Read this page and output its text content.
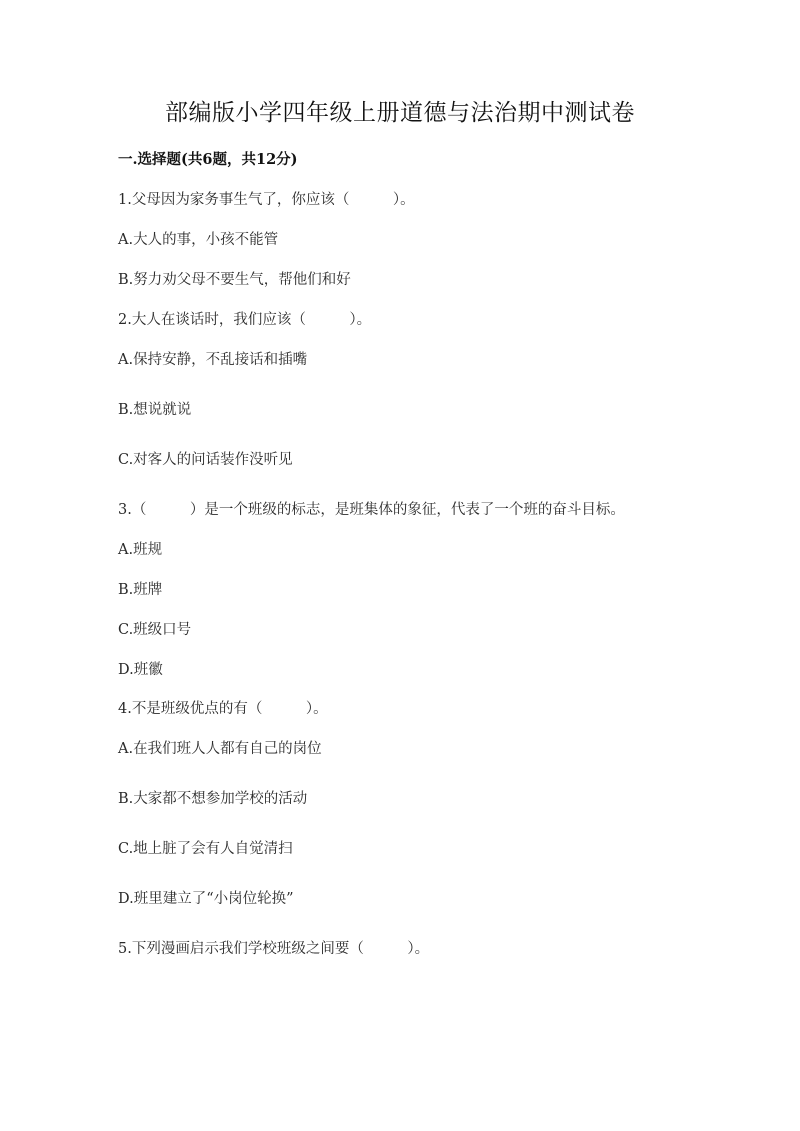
部编版小学四年级上册道德与法治期中测试卷
一.选择题(共6题，共12分)
1.父母因为家务事生气了，你应该（　　　）。
A.大人的事，小孩不能管
B.努力劝父母不要生气，帮他们和好
2.大人在谈话时，我们应该（　　　）。
A.保持安静，不乱接话和插嘴
B.想说就说
C.对客人的问话装作没听见
3.（　　　）是一个班级的标志，是班集体的象征，代表了一个班的奋斗目标。
A.班规
B.班牌
C.班级口号
D.班徽
4.不是班级优点的有（　　　）。
A.在我们班人人都有自己的岗位
B.大家都不想参加学校的活动
C.地上脏了会有人自觉清扫
D.班里建立了“小岗位轮换”
5.下列漫画启示我们学校班级之间要（　　　）。
